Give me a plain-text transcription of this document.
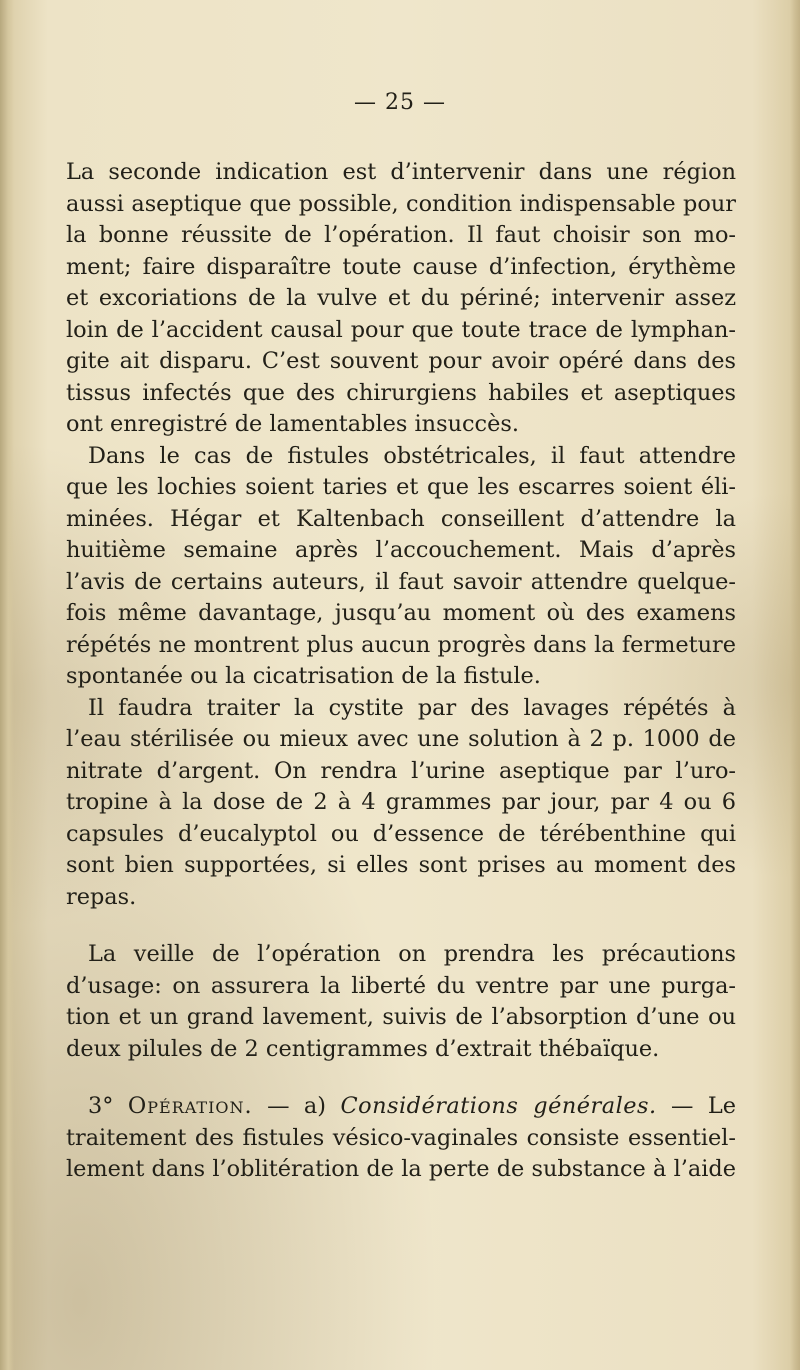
— 25 —
La seconde indication est d’intervenir dans une région
aussi aseptique que possible, condition indispensable pour
la bonne réussite de l’opération. Il faut choisir son mo-
ment; faire disparaître toute cause d’infection, érythème
et excoriations de la vulve et du périné; intervenir assez
loin de l’accident causal pour que toute trace de lymphan-
gite ait disparu. C’est souvent pour avoir opéré dans des
tissus infectés que des chirurgiens habiles et aseptiques
ont enregistré de lamentables insuccès.
Dans le cas de fistules obstétricales, il faut attendre
que les lochies soient taries et que les escarres soient éli-
minées. Hégar et Kaltenbach conseillent d’attendre la
huitième semaine après l’accouchement. Mais d’après
l’avis de certains auteurs, il faut savoir attendre quelque-
fois même davantage, jusqu’au moment où des examens
répétés ne montrent plus aucun progrès dans la fermeture
spontanée ou la cicatrisation de la fistule.
Il faudra traiter la cystite par des lavages répétés à
l’eau stérilisée ou mieux avec une solution à 2 p. 1000 de
nitrate d’argent. On rendra l’urine aseptique par l’uro-
tropine à la dose de 2 à 4 grammes par jour, par 4 ou 6
capsules d’eucalyptol ou d’essence de térébenthine qui
sont bien supportées, si elles sont prises au moment des
repas.
La veille de l’opération on prendra les précautions
d’usage: on assurera la liberté du ventre par une purga-
tion et un grand lavement, suivis de l’absorption d’une ou
deux pilules de 2 centigrammes d’extrait thébaïque.
3° Opération. — a) Considérations générales. — Le
traitement des fistules vésico-vaginales consiste essentiel-
lement dans l’oblitération de la perte de substance à l’aide
